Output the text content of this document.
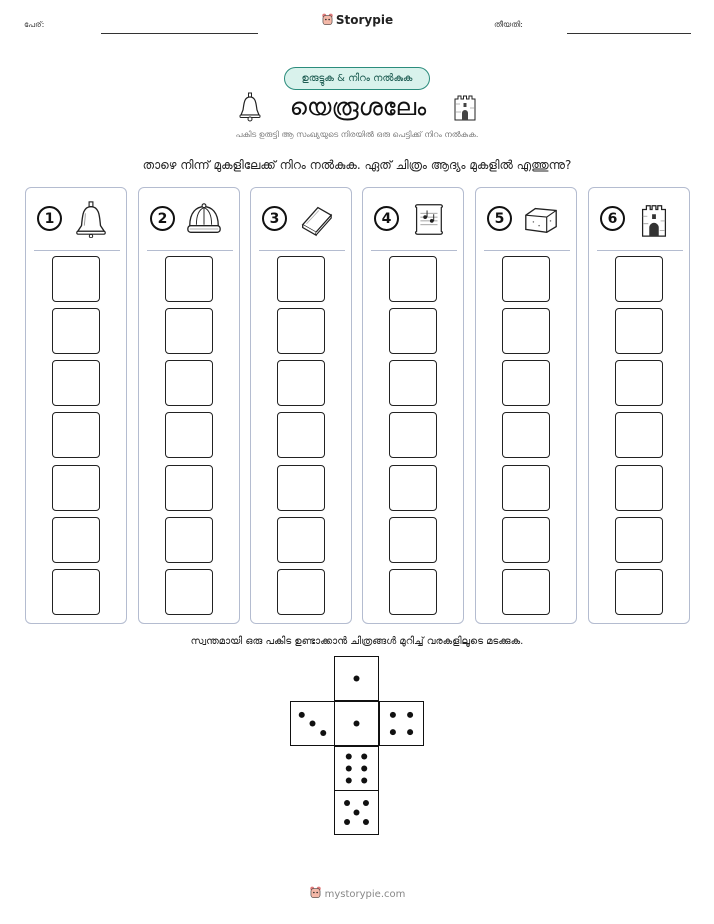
പേര്:	Storypie	തീയതി:
ഉരുട്ടുക & നിറം നൽകുക
യെരൂശലേം
പകിട ഉരുട്ടി ആ സംഖ്യയുടെ നിരയിൽ ഒരു പെട്ടിക്ക് നിറം നൽകുക.
താഴെ നിന്ന് മുകളിലേക്ക് നിറം നൽകുക. ഏത് ചിത്രം ആദ്യം മുകളിൽ എത്തുന്നു?
1	2	3	4	5	6
സ്വന്തമായി ഒരു പകിട ഉണ്ടാക്കാൻ ചിത്രങ്ങൾ മുറിച്ച് വരകളിലൂടെ മടക്കുക.
mystorypie.com
